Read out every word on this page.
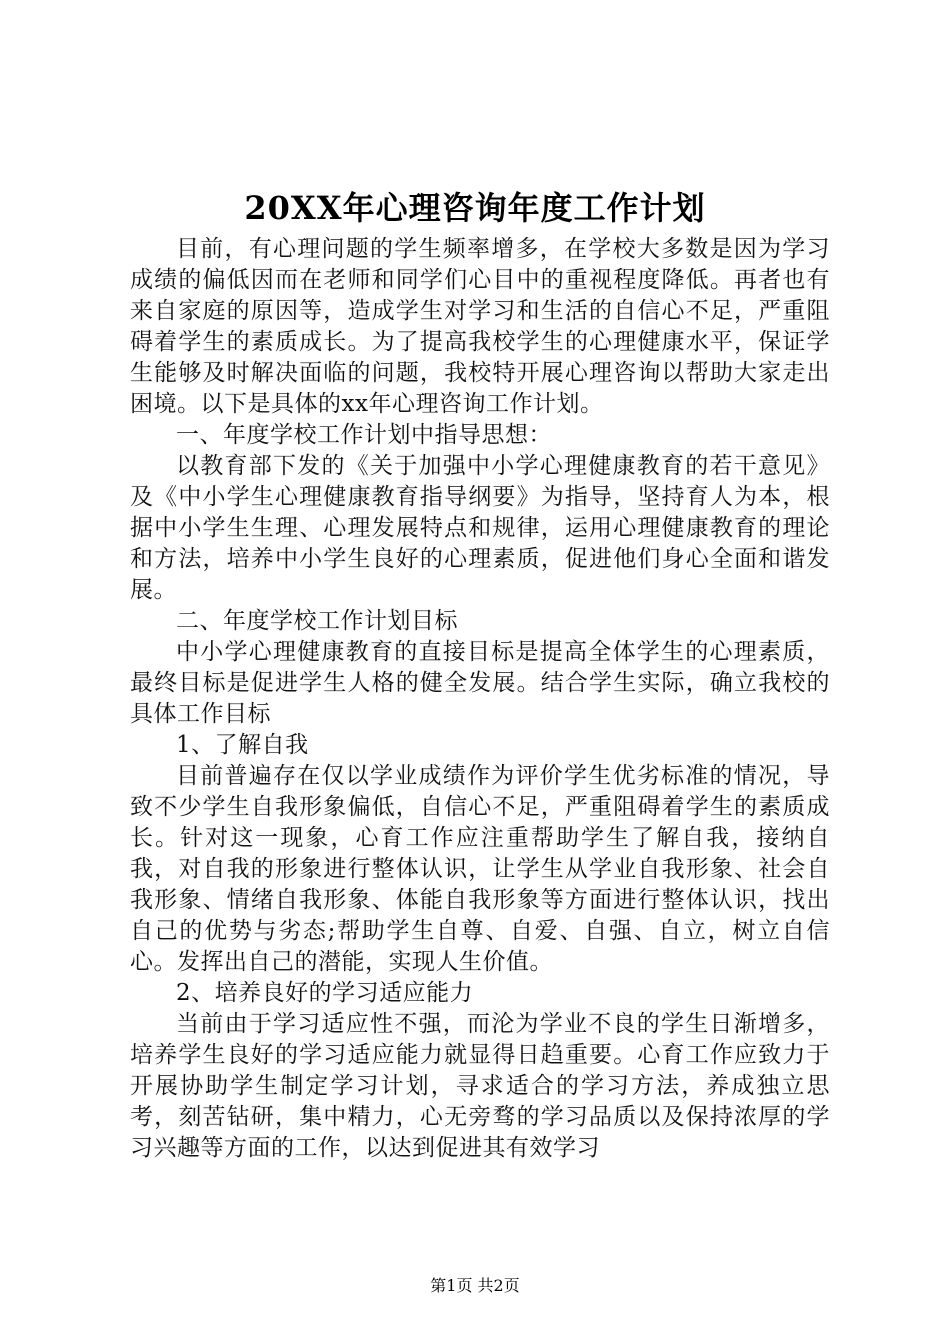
20XX年心理咨询年度工作计划

目前，有心理问题的学生频率增多，在学校大多数是因为学习成绩的偏低因而在老师和同学们心目中的重视程度降低。再者也有来自家庭的原因等，造成学生对学习和生活的自信心不足，严重阻碍着学生的素质成长。为了提高我校学生的心理健康水平，保证学生能够及时解决面临的问题，我校特开展心理咨询以帮助大家走出困境。以下是具体的xx年心理咨询工作计划。

一、年度学校工作计划中指导思想：

以教育部下发的《关于加强中小学心理健康教育的若干意见》及《中小学生心理健康教育指导纲要》为指导，坚持育人为本，根据中小学生生理、心理发展特点和规律，运用心理健康教育的理论和方法，培养中小学生良好的心理素质，促进他们身心全面和谐发展。

二、年度学校工作计划目标

中小学心理健康教育的直接目标是提高全体学生的心理素质，最终目标是促进学生人格的健全发展。结合学生实际，确立我校的具体工作目标

1、了解自我

目前普遍存在仅以学业成绩作为评价学生优劣标准的情况，导致不少学生自我形象偏低，自信心不足，严重阻碍着学生的素质成长。针对这一现象，心育工作应注重帮助学生了解自我，接纳自我，对自我的形象进行整体认识，让学生从学业自我形象、社会自我形象、情绪自我形象、体能自我形象等方面进行整体认识，找出自己的优势与劣态;帮助学生自尊、自爱、自强、自立，树立自信心。发挥出自己的潜能，实现人生价值。

2、培养良好的学习适应能力

当前由于学习适应性不强，而沦为学业不良的学生日渐增多，培养学生良好的学习适应能力就显得日趋重要。心育工作应致力于开展协助学生制定学习计划，寻求适合的学习方法，养成独立思考，刻苦钻研，集中精力，心无旁骛的学习品质以及保持浓厚的学习兴趣等方面的工作，以达到促进其有效学习

第1页 共2页
